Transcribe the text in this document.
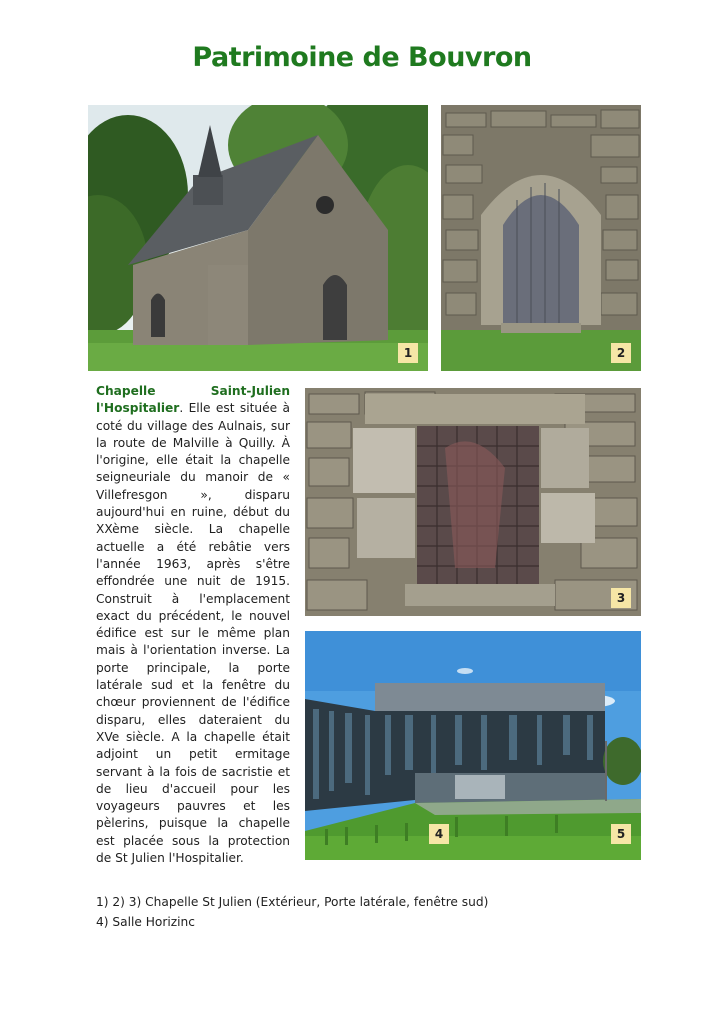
Patrimoine de Bouvron
1	2
Chapelle Saint-Julien l'Hospitalier. Elle est située à coté du village des Aulnais, sur la route de Malville à Quilly. À l'origine, elle était la chapelle seigneuriale du manoir de « Villefresgon », disparu aujourd'hui en ruine, début du XXème siècle. La chapelle actuelle a été rebâtie vers l'année 1963, après s'être effondrée une nuit de 1915. Construit à l'emplacement exact du précédent, le nouvel édifice est sur le même plan mais à l'orientation inverse. La porte principale, la porte latérale sud et la fenêtre du chœur proviennent de l'édifice disparu, elles dateraient du XVe siècle. A la chapelle était adjoint un petit ermitage servant à la fois de sacristie et de lieu d'accueil pour les voyageurs pauvres et les pèlerins, puisque la chapelle est placée sous la protection de St Julien l'Hospitalier.
3
4	5
1) 2) 3) Chapelle St Julien (Extérieur, Porte latérale, fenêtre sud)
4) Salle Horizinc
